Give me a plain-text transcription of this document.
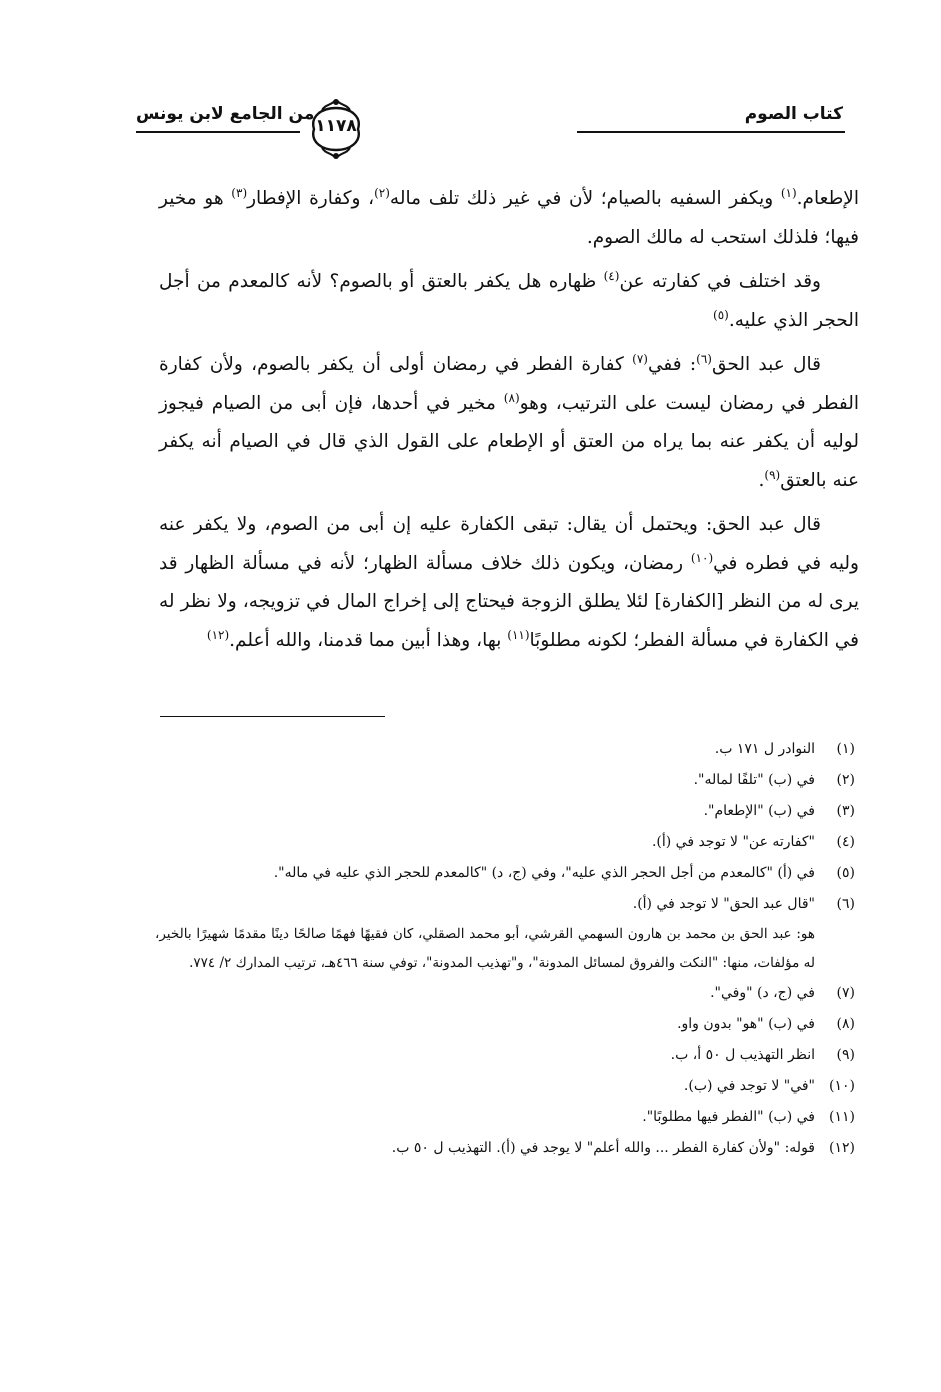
كتاب الصوم
١١٧٨
من الجامع لابن يونس

الإطعام.$^{(١)}$ ويكفر السفيه بالصيام؛ لأن في غير ذلك تلف ماله$^{(٢)}$، وكفارة الإفطار$^{(٣)}$ هو مخير فيها؛ فلذلك استحب له مالك الصوم.

وقد اختلف في كفارته عن$^{(٤)}$ ظهاره هل يكفر بالعتق أو بالصوم؟ لأنه كالمعدم من أجل الحجر الذي عليه.$^{(٥)}$

قال عبد الحق$^{(٦)}$: ففي$^{(٧)}$ كفارة الفطر في رمضان أولى أن يكفر بالصوم، ولأن كفارة الفطر في رمضان ليست على الترتيب، وهو$^{(٨)}$ مخير في أحدها، فإن أبى من الصيام فيجوز لوليه أن يكفر عنه بما يراه من العتق أو الإطعام على القول الذي قال في الصيام أنه يكفر عنه بالعتق$^{(٩)}$.

قال عبد الحق: ويحتمل أن يقال: تبقى الكفارة عليه إن أبى من الصوم، ولا يكفر عنه وليه في فطره في$^{(١٠)}$ رمضان، ويكون ذلك خلاف مسألة الظهار؛ لأنه في مسألة الظهار قد يرى له من النظر [الكفارة] لئلا يطلق الزوجة فيحتاج إلى إخراج المال في تزويجه، ولا نظر له في الكفارة في مسألة الفطر؛ لكونه مطلوبًا$^{(١١)}$ بها، وهذا أبين مما قدمنا، والله أعلم.$^{(١٢)}$

(١)
النوادر ل ١٧١ ب.

(٢)
في (ب) "تلفًا لماله".

(٣)
في (ب) "الإطعام".

(٤)
"كفارته عن" لا توجد في (أ).

(٥)
في (أ) "كالمعدم من أجل الحجر الذي عليه"، وفي (ج، د) "كالمعدم للحجر الذي عليه في ماله".

(٦)
"قال عبد الحق" لا توجد في (أ).

هو: عبد الحق بن محمد بن هارون السهمي القرشي، أبو محمد الصقلي، كان فقيهًا فهمًا صالحًا دينًا مقدمًا شهيرًا بالخير، له مؤلفات، منها: "النكت والفروق لمسائل المدونة"، و"تهذيب المدونة"، توفي سنة ٤٦٦هـ، ترتيب المدارك ٢/ ٧٧٤.

(٧)
في (ج، د) "وفي".

(٨)
في (ب) "هو" بدون واو.

(٩)
انظر التهذيب ل ٥٠ أ، ب.

(١٠)
"في" لا توجد في (ب).

(١١)
في (ب) "الفطر فيها مطلوبًا".

(١٢)
قوله: "ولأن كفارة الفطر ... والله أعلم" لا يوجد في (أ). التهذيب ل ٥٠ ب.
